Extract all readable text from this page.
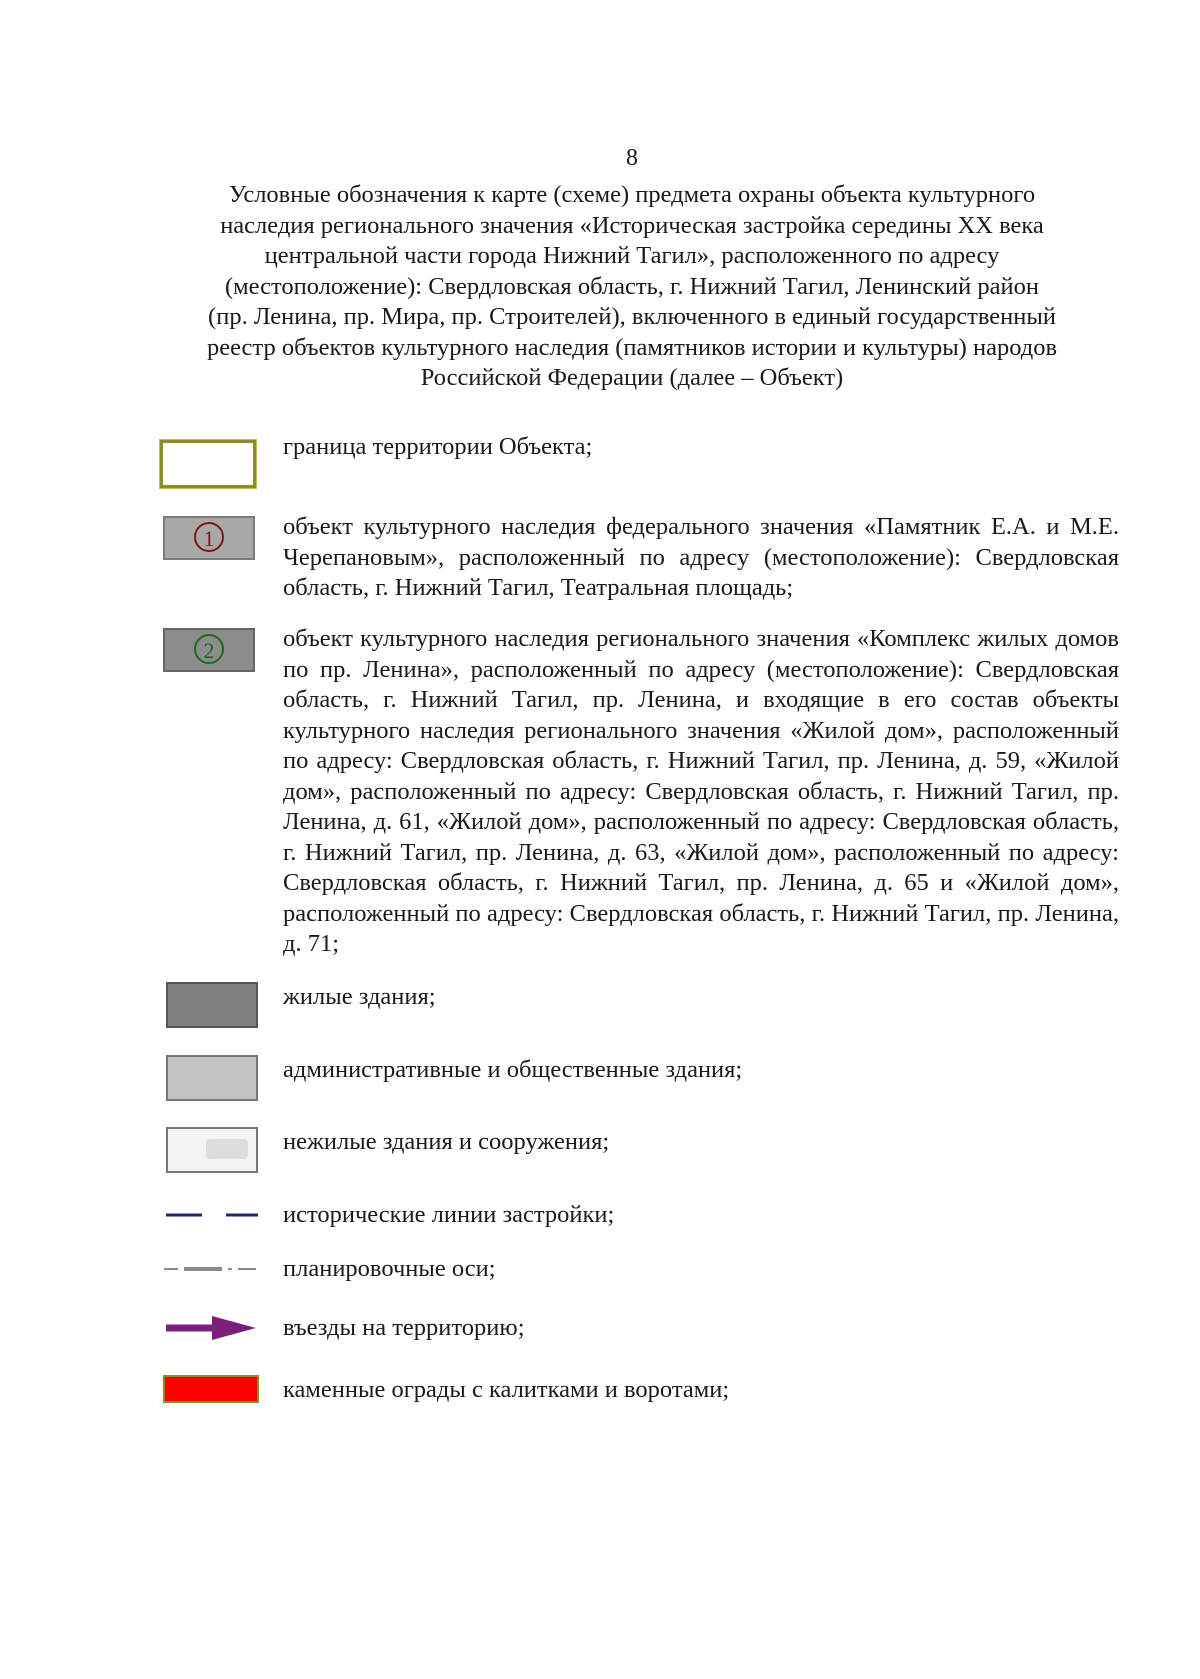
8
Условные обозначения к карте (схеме) предмета охраны объекта культурного
наследия регионального значения «Историческая застройка середины XX века
центральной части города Нижний Тагил», расположенного по адресу
(местоположение): Свердловская область, г. Нижний Тагил, Ленинский район
(пр. Ленина, пр. Мира, пр. Строителей), включенного в единый государственный
реестр объектов культурного наследия (памятников истории и культуры) народов
Российской Федерации (далее – Объект)
граница территории Объекта;
1	объект культурного наследия федерального значения «Памятник Е.А. и М.Е. Черепановым», расположенный по адресу (местоположение): Свердловская область, г. Нижний Тагил, Театральная площадь;
2	объект культурного наследия регионального значения «Комплекс жилых домов по пр. Ленина», расположенный по адресу (местоположение): Свердловская область, г. Нижний Тагил, пр. Ленина, и входящие в его состав объекты культурного наследия регионального значения «Жилой дом», расположенный по адресу: Свердловская область, г. Нижний Тагил, пр. Ленина, д. 59, «Жилой дом», расположенный по адресу: Свердловская область, г. Нижний Тагил, пр. Ленина, д. 61, «Жилой дом», расположенный по адресу: Свердловская область, г. Нижний Тагил, пр. Ленина, д. 63, «Жилой дом», расположенный по адресу: Свердловская область, г. Нижний Тагил, пр. Ленина, д. 65 и «Жилой дом», расположенный по адресу: Свердловская область, г. Нижний Тагил, пр. Ленина, д. 71;
жилые здания;
административные и общественные здания;
нежилые здания и сооружения;
исторические линии застройки;
планировочные оси;
въезды на территорию;
каменные ограды с калитками и воротами;
